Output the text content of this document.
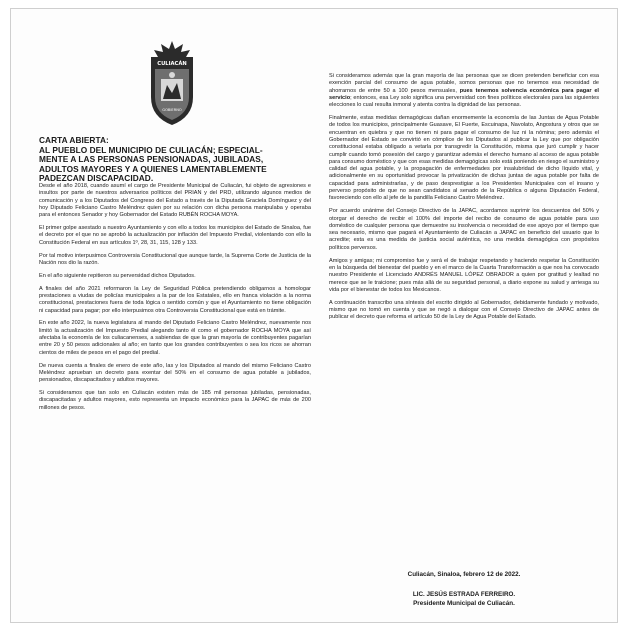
CULIACÁN
GOBIERNO

CARTA ABIERTA:

AL PUEBLO DEL MUNICIPIO DE CULIACÁN; ESPECIAL-

MENTE A LAS PERSONAS PENSIONADAS, JUBILADAS,

ADULTOS MAYORES Y A QUIENES LAMENTABLEMENTE

PADEZCAN DISCAPACIDAD.

Desde el año 2018, cuando asumí el cargo de Presidente Municipal de Culiacán, fui objeto de agresiones e insultos por parte de nuestros adversarios políticos del PRIAN y del PRD, utilizando algunos medios de comunicación y a los Diputados del Congreso del Estado a través de la Diputada Graciela Domínguez y del hoy Diputado Feliciano Castro Meléndrez quien por su relación con dicha persona manipulaba y operaba para el entonces Senador y hoy Gobernador del Estado RUBÉN ROCHA MOYA.

El primer golpe asestado a nuestro Ayuntamiento y con ello a todos los municipios del Estado de Sinaloa, fue el decreto por el que no se aprobó la actualización por inflación del Impuesto Predial, violentando con ello la Constitución Federal en sus artículos 1º, 28, 31, 115, 128 y 133.

Por tal motivo interpusimos Controversia Constitucional que aunque tarde, la Suprema Corte de Justicia de la Nación nos dio la razón.

En el año siguiente repitieron su perversidad dichos Diputados.

A finales del año 2021 reformaron la Ley de Seguridad Pública pretendiendo obligarnos a homologar prestaciones a viudas de policías municipales a la par de los Estatales, ello en franca violación a la norma constitucional, prestaciones fuera de toda lógica o sentido común y que el Ayuntamiento no tiene obligación ni capacidad para pagar; por ello interpusimos otra Controversia Constitucional que está en trámite.

En este año 2022, la nueva legislatura al mando del Diputado Feliciano Castro Meléndrez, nuevamente nos limitó la actualización del Impuesto Predial alegando tanto él como el gobernador ROCHA MOYA que así afectaba la economía de los culiacanenses, a sabiendas de que la gran mayoría de contribuyentes pagarían entre 20 y 50 pesos adicionales al año; en tanto que los grandes contribuyentes o sea los ricos se ahorran cientos de miles de pesos en el pago del predial.

De nueva cuenta a finales de enero de este año, las y los Diputados al mando del mismo Feliciano Castro Meléndrez aprueban un decreto para exentar del 50% en el consumo de agua potable a jubilados, pensionados, discapacitados y adultos mayores.

Si consideramos que tan solo en Culiacán existen más de 185 mil personas jubiladas, pensionadas, discapacitadas y adultos mayores, esto representa un impacto económico para la JAPAC de más de 200 millones de pesos.

Si consideramos además que la gran mayoría de las personas que se dicen pretenden beneficiar con esa exención parcial del consumo de agua potable, somos personas que no tenemos esa necesidad de ahorrarnos de entre 50 a 100 pesos mensuales, pues tenemos solvencia económica para pagar el servicio; entonces, esa Ley solo significa una perversidad con fines políticos electorales para las siguientes elecciones lo cual resulta inmoral y atenta contra la dignidad de las personas.

Finalmente, estas medidas demagógicas dañan enormemente la economía de las Juntas de Agua Potable de todos los municipios, principalmente Guasave, El Fuerte, Escuinapa, Navolato, Angostura y otros que se encuentran en quiebra y que no tienen ni para pagar el consumo de luz ni la nómina; pero además el Gobernador del Estado se convirtió en cómplice de los Diputados al publicar la Ley que por obligación constitucional estaba obligado a vetarla por transgredir la Constitución, misma que juró cumplir y hacer cumplir cuando tomó posesión del cargo y garantizar además el derecho humano al acceso de agua potable para consumo doméstico y que con esas medidas demagógicas solo está poniendo en riesgo el suministro y calidad del agua potable, y la propagación de enfermedades por insalubridad de dicho líquido vital, y adicionalmente en su oportunidad provocar la privatización de dichas juntas de agua potable por falta de capacidad para administrarlas, y de paso desprestigiar a los Presidentes Municipales con el insano y perverso propósito de que no sean candidatos al senado de la República o alguna Diputación Federal, favoreciendo con ello al jefe de la pandilla Feliciano Castro Meléndrez.

Por acuerdo unánime del Consejo Directivo de la JAPAC, acordamos suprimir los descuentos del 50% y otorgar el derecho de recibir el 100% del importe del recibo de consumo de agua potable para uso doméstico de cualquier persona que demuestre su insolvencia o necesidad de ese apoyo por el tiempo que sea necesario, mismo que pagará el Ayuntamiento de Culiacán a JAPAC en beneficio del usuario que lo acredite; esta es una medida de justicia social auténtica, no una medida demagógica con propósitos políticos perversos.

Amigos y amigas; mi compromiso fue y será el de trabajar respetando y haciendo respetar la Constitución en la búsqueda del bienestar del pueblo y en el marco de la Cuarta Transformación a que nos ha convocado nuestro Presidente el Licenciado ANDRÉS MANUEL LÓPEZ OBRADOR a quien por gratitud y lealtad no merece que se le traicione; pues más allá de su seguridad personal, a diario expone su salud y arriesga su vida por el bienestar de todos los Mexicanos.

A continuación transcribo una síntesis del escrito dirigido al Gobernador, debidamente fundado y motivado, mismo que no tomó en cuenta y que se negó a dialogar con el Consejo Directivo de JAPAC antes de publicar el decreto que reforma el artículo 50 de la Ley de Agua Potable del Estado.

Culiacán, Sinaloa, febrero 12 de 2022.
LIC. JESÚS ESTRADA FERREIRO.
Presidente Municipal de Culiacán.
